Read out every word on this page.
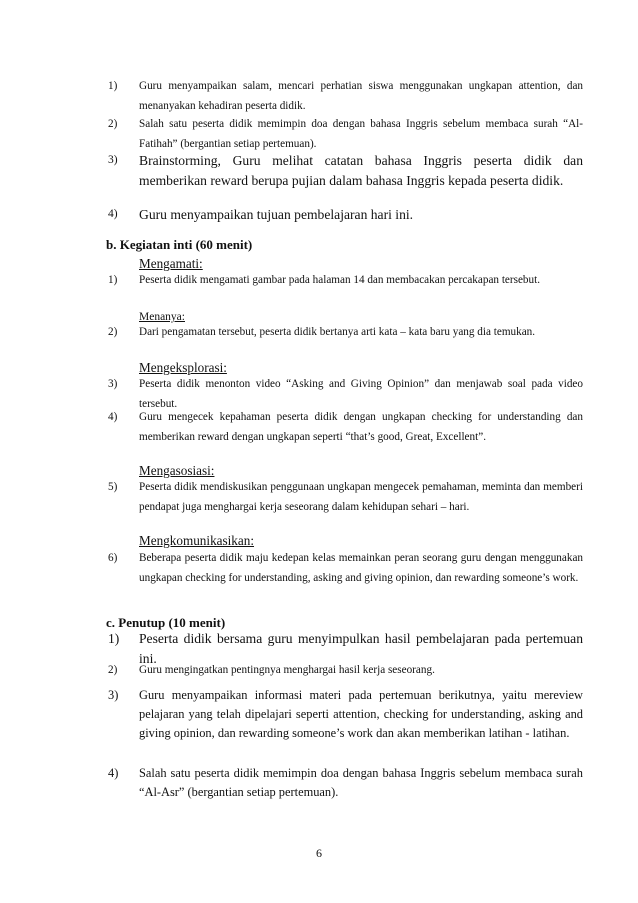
1) Guru menyampaikan salam, mencari perhatian siswa menggunakan ungkapan attention, dan menanyakan kehadiran peserta didik.
2) Salah satu peserta didik memimpin doa dengan bahasa Inggris sebelum membaca surah “Al-Fatihah” (bergantian setiap pertemuan).
3) Brainstorming, Guru melihat catatan bahasa Inggris peserta didik dan memberikan reward berupa pujian dalam bahasa Inggris kepada peserta didik.
4) Guru menyampaikan tujuan pembelajaran hari ini.
b. Kegiatan inti (60 menit)
Mengamati:
1) Peserta didik mengamati gambar pada halaman 14 dan membacakan percakapan tersebut.
Menanya:
2) Dari pengamatan tersebut, peserta didik bertanya arti kata – kata baru yang dia temukan.
Mengeksplorasi:
3) Peserta didik menonton video “Asking and Giving Opinion” dan menjawab soal pada video tersebut.
4) Guru mengecek kepahaman peserta didik dengan ungkapan checking for understanding dan memberikan reward dengan ungkapan seperti “that’s good, Great, Excellent”.
Mengasosiasi:
5) Peserta didik mendiskusikan penggunaan ungkapan mengecek pemahaman, meminta dan memberi pendapat juga menghargai kerja seseorang dalam kehidupan sehari – hari.
Mengkomunikasikan:
6) Beberapa peserta didik maju kedepan kelas memainkan peran seorang guru dengan menggunakan ungkapan checking for understanding, asking and giving opinion, dan rewarding someone’s work.
c. Penutup (10 menit)
1) Peserta didik bersama guru menyimpulkan hasil pembelajaran pada pertemuan ini.
2) Guru mengingatkan pentingnya menghargai hasil kerja seseorang.
3) Guru menyampaikan informasi materi pada pertemuan berikutnya, yaitu mereview pelajaran yang telah dipelajari seperti attention, checking for understanding, asking and giving opinion, dan rewarding someone’s work dan akan memberikan latihan - latihan.
4) Salah satu peserta didik memimpin doa dengan bahasa Inggris sebelum membaca surah “Al-Asr” (bergantian setiap pertemuan).
6
